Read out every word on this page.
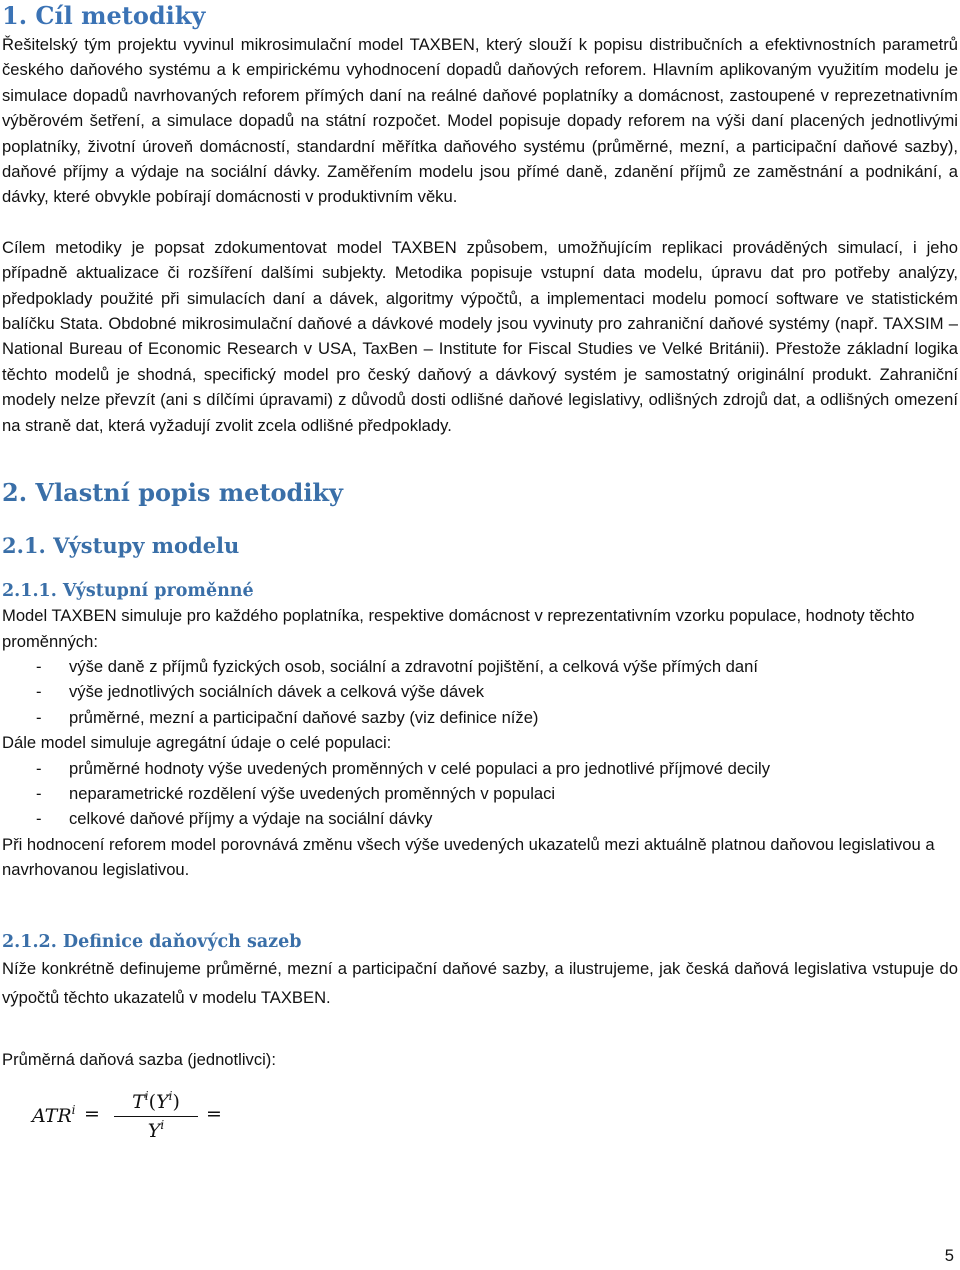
1. Cíl metodiky

Řešitelský tým projektu vyvinul mikrosimulační model TAXBEN, který slouží k popisu distribučních a efektivnostních parametrů českého daňového systému a k empirickému vyhodnocení dopadů daňových reforem. Hlavním aplikovaným využitím modelu je simulace dopadů navrhovaných reforem přímých daní na reálné daňové poplatníky a domácnost, zastoupené v reprezetnativním výběrovém šetření, a simulace dopadů na státní rozpočet. Model popisuje dopady reforem na výši daní placených jednotlivými poplatníky, životní úroveň domácností, standardní měřítka daňového systému (průměrné, mezní, a participační daňové sazby), daňové příjmy a výdaje na sociální dávky. Zaměřením modelu jsou přímé daně, zdanění příjmů ze zaměstnání a podnikání, a dávky, které obvykle pobírají domácnosti v produktivním věku.

Cílem metodiky je popsat zdokumentovat model TAXBEN způsobem, umožňujícím replikaci prováděných simulací, i jeho případně aktualizace či rozšíření dalšími subjekty. Metodika popisuje vstupní data modelu, úpravu dat pro potřeby analýzy, předpoklady použité při simulacích daní a dávek, algoritmy výpočtů, a implementaci modelu pomocí software ve statistickém balíčku Stata. Obdobné mikrosimulační daňové a dávkové modely jsou vyvinuty pro zahraniční daňové systémy (např. TAXSIM – National Bureau of Economic Research v USA, TaxBen – Institute for Fiscal Studies ve Velké Británii). Přestože základní logika těchto modelů je shodná, specifický model pro český daňový a dávkový systém je samostatný originální produkt. Zahraniční modely nelze převzít (ani s dílčími úpravami) z důvodů dosti odlišné daňové legislativy, odlišných zdrojů dat, a odlišných omezení na straně dat, která vyžadují zvolit zcela odlišné předpoklady.

2. Vlastní popis metodiky
2.1. Výstupy modelu
2.1.1. Výstupní proměnné

Model TAXBEN simuluje pro každého poplatníka, respektive domácnost v reprezentativním vzorku populace, hodnoty těchto proměnných:

- výše daně z příjmů fyzických osob, sociální a zdravotní pojištění, a celková výše přímých daní
- výše jednotlivých sociálních dávek a celková výše dávek
- průměrné, mezní a participační daňové sazby (viz definice níže)

Dále model simuluje agregátní údaje o celé populaci:

- průměrné hodnoty výše uvedených proměnných v celé populaci a pro jednotlivé příjmové decily
- neparametrické rozdělení výše uvedených proměnných v populaci
- celkové daňové příjmy a výdaje na sociální dávky

Při hodnocení reforem model porovnává změnu všech výše uvedených ukazatelů mezi aktuálně platnou daňovou legislativou a navrhovanou legislativou.

2.1.2. Definice daňových sazeb

Níže konkrétně definujeme průměrné, mezní a participační daňové sazby, a ilustrujeme, jak česká daňová legislativa vstupuje do výpočtů těchto ukazatelů v modelu TAXBEN.

Průměrná daňová sazba (jednotlivci):

$ATR^i$ =
$T^i(Y^i)$
$Y^i$
=
5
